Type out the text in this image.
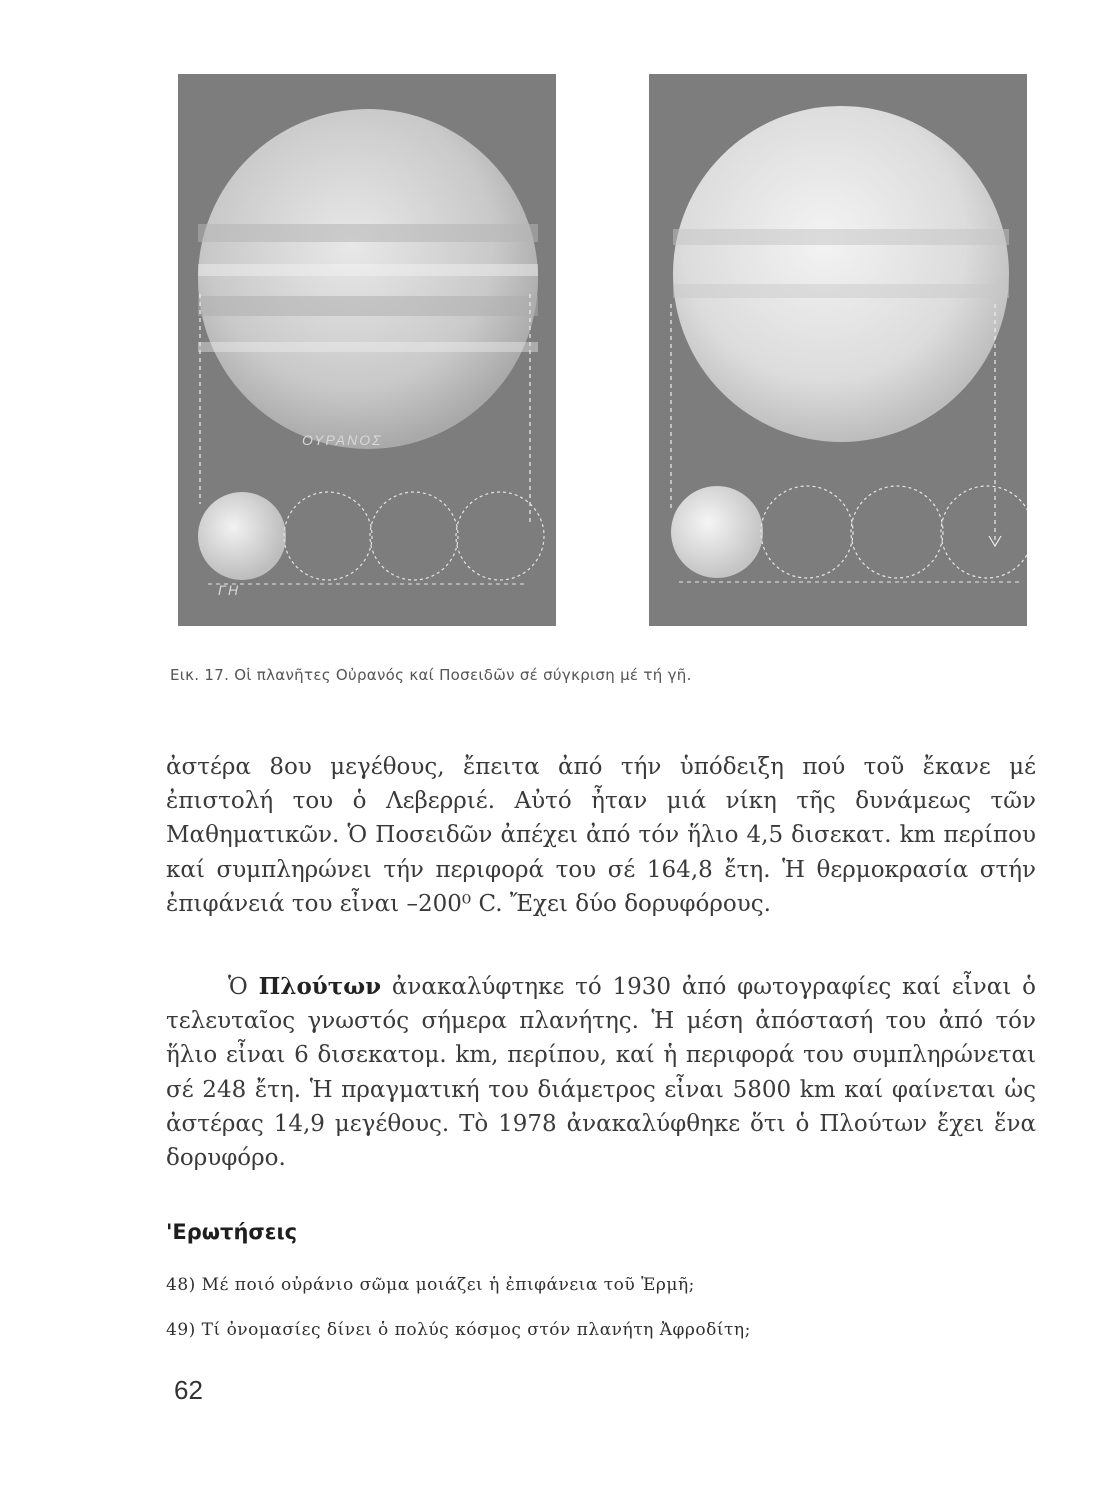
ΟΥΡΑΝΟΣ
ΓΗ
Εικ. 17. Οἱ πλανῆτες Οὐρανός καί Ποσειδῶν σέ σύγκριση μέ τή γῆ.

ἀστέρα 8ου μεγέθους, ἔπειτα ἀπό τήν ὑπόδειξη πού τοῦ ἔκανε μέ ἐπιστολή του ὁ Λεβερριέ. Αὐτό ἦταν μιά νίκη τῆς δυνάμεως τῶν Μαθηματικῶν. Ὁ Ποσειδῶν ἀπέχει ἀπό τόν ἥλιο 4,5 δισεκατ. km περίπου καί συμπληρώνει τήν περιφορά του σέ 164,8 ἔτη. Ἡ θερμοκρασία στήν ἐπιφάνειά του εἶναι –200⁰ C. Ἔχει δύο δορυφόρους.

Ὁ Πλούτων ἀνακαλύφτηκε τό 1930 ἀπό φωτογραφίες καί εἶναι ὁ τελευταῖος γνωστός σήμερα πλανήτης. Ἡ μέση ἀπόστασή του ἀπό τόν ἥλιο εἶναι 6 δισεκατομ. km, περίπου, καί ἡ περιφορά του συμπληρώνεται σέ 248 ἔτη. Ἡ πραγματική του διάμετρος εἶναι 5800 km καί φαίνεται ὡς ἀστέρας 14,9 μεγέθους. Τὸ 1978 ἀνακαλύφθηκε ὅτι ὁ Πλούτων ἔχει ἕνα δορυφόρο.

'Ερωτήσεις
48) Μέ ποιό οὐράνιο σῶμα μοιάζει ἡ ἐπιφάνεια τοῦ Ἑρμῆ;
49) Τί ὀνομασίες δίνει ὁ πολύς κόσμος στόν πλανήτη Ἀφροδίτη;
62
